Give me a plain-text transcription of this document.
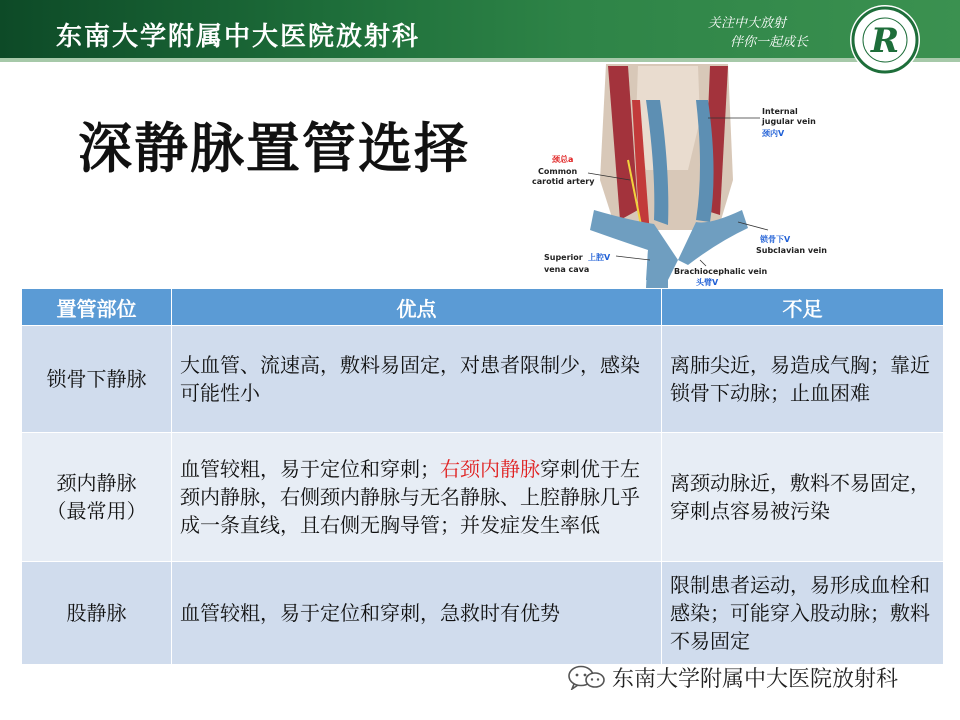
东南大学附属中大医院放射科	关注中大放射
伴你一起成长 R
深静脉置管选择
Internal
jugular vein
颈内V
颈总a
Common
carotid artery
锁骨下V
Subclavian vein
Superior 上腔V
vena cava	Brachiocephalic vein
头臂V
置管部位	优点	不足
锁骨下静脉	大血管、流速高，敷料易固定，对患者限制少，感染可能性小	离肺尖近，易造成气胸；靠近锁骨下动脉；止血困难
颈内静脉
（最常用）	血管较粗，易于定位和穿刺；右颈内静脉穿刺优于左颈内静脉，右侧颈内静脉与无名静脉、上腔静脉几乎成一条直线，且右侧无胸导管；并发症发生率低	离颈动脉近，敷料不易固定，穿刺点容易被污染
股静脉	血管较粗，易于定位和穿刺，急救时有优势	限制患者运动，易形成血栓和感染；可能穿入股动脉；敷料不易固定
东南大学附属中大医院放射科
